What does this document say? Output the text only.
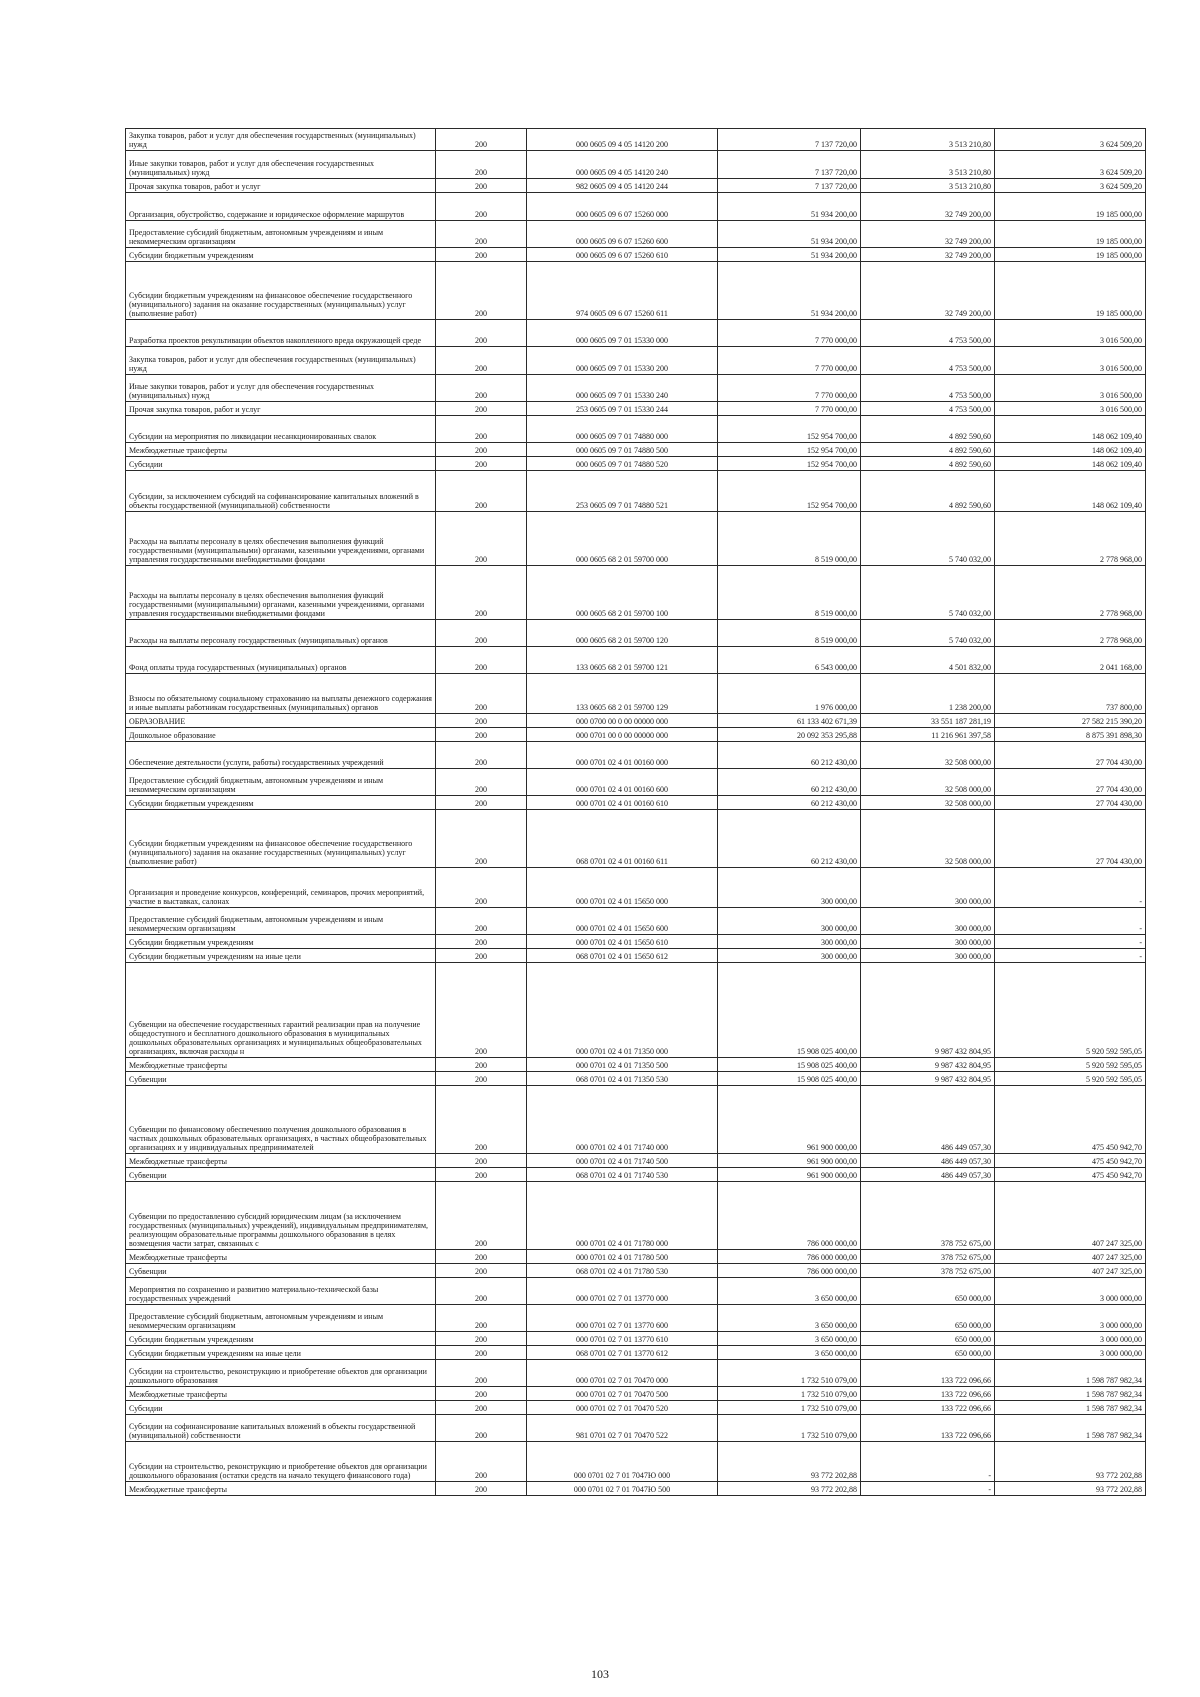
Закупка товаров, работ и услуг для обеспечения государственных (муниципальных) нужд	200	000 0605 09 4 05 14120 200	7 137 720,00	3 513 210,80	3 624 509,20
Иные закупки товаров, работ и услуг для обеспечения государственных (муниципальных) нужд	200	000 0605 09 4 05 14120 240	7 137 720,00	3 513 210,80	3 624 509,20
Прочая закупка товаров, работ и услуг	200	982 0605 09 4 05 14120 244	7 137 720,00	3 513 210,80	3 624 509,20
Организация, обустройство, содержание и юридическое оформление маршрутов	200	000 0605 09 6 07 15260 000	51 934 200,00	32 749 200,00	19 185 000,00
Предоставление субсидий бюджетным, автономным учреждениям и иным некоммерческим организациям	200	000 0605 09 6 07 15260 600	51 934 200,00	32 749 200,00	19 185 000,00
Субсидии бюджетным учреждениям	200	000 0605 09 6 07 15260 610	51 934 200,00	32 749 200,00	19 185 000,00
Субсидии бюджетным учреждениям на финансовое обеспечение государственного (муниципального) задания на оказание государственных (муниципальных) услуг (выполнение работ)	200	974 0605 09 6 07 15260 611	51 934 200,00	32 749 200,00	19 185 000,00
Разработка проектов рекультивации объектов накопленного вреда окружающей среде	200	000 0605 09 7 01 15330 000	7 770 000,00	4 753 500,00	3 016 500,00
Закупка товаров, работ и услуг для обеспечения государственных (муниципальных) нужд	200	000 0605 09 7 01 15330 200	7 770 000,00	4 753 500,00	3 016 500,00
Иные закупки товаров, работ и услуг для обеспечения государственных (муниципальных) нужд	200	000 0605 09 7 01 15330 240	7 770 000,00	4 753 500,00	3 016 500,00
Прочая закупка товаров, работ и услуг	200	253 0605 09 7 01 15330 244	7 770 000,00	4 753 500,00	3 016 500,00
Субсидии на мероприятия по ликвидации несанкционированных свалок	200	000 0605 09 7 01 74880 000	152 954 700,00	4 892 590,60	148 062 109,40
Межбюджетные трансферты	200	000 0605 09 7 01 74880 500	152 954 700,00	4 892 590,60	148 062 109,40
Субсидии	200	000 0605 09 7 01 74880 520	152 954 700,00	4 892 590,60	148 062 109,40
Субсидии, за исключением субсидий на софинансирование капитальных вложений в объекты государственной (муниципальной) собственности	200	253 0605 09 7 01 74880 521	152 954 700,00	4 892 590,60	148 062 109,40
Расходы на выплаты персоналу в целях обеспечения выполнения функций государственными (муниципальными) органами, казенными учреждениями, органами управления государственными внебюджетными фондами	200	000 0605 68 2 01 59700 000	8 519 000,00	5 740 032,00	2 778 968,00
Расходы на выплаты персоналу в целях обеспечения выполнения функций государственными (муниципальными) органами, казенными учреждениями, органами управления государственными внебюджетными фондами	200	000 0605 68 2 01 59700 100	8 519 000,00	5 740 032,00	2 778 968,00
Расходы на выплаты персоналу государственных (муниципальных) органов	200	000 0605 68 2 01 59700 120	8 519 000,00	5 740 032,00	2 778 968,00
Фонд оплаты труда государственных (муниципальных) органов	200	133 0605 68 2 01 59700 121	6 543 000,00	4 501 832,00	2 041 168,00
Взносы по обязательному социальному страхованию на выплаты денежного содержания и иные выплаты работникам государственных (муниципальных) органов	200	133 0605 68 2 01 59700 129	1 976 000,00	1 238 200,00	737 800,00
ОБРАЗОВАНИЕ	200	000 0700 00 0 00 00000 000	61 133 402 671,39	33 551 187 281,19	27 582 215 390,20
Дошкольное образование	200	000 0701 00 0 00 00000 000	20 092 353 295,88	11 216 961 397,58	8 875 391 898,30
Обеспечение деятельности (услуги, работы) государственных учреждений	200	000 0701 02 4 01 00160 000	60 212 430,00	32 508 000,00	27 704 430,00
Предоставление субсидий бюджетным, автономным учреждениям и иным некоммерческим организациям	200	000 0701 02 4 01 00160 600	60 212 430,00	32 508 000,00	27 704 430,00
Субсидии бюджетным учреждениям	200	000 0701 02 4 01 00160 610	60 212 430,00	32 508 000,00	27 704 430,00
Субсидии бюджетным учреждениям на финансовое обеспечение государственного (муниципального) задания на оказание государственных (муниципальных) услуг (выполнение работ)	200	068 0701 02 4 01 00160 611	60 212 430,00	32 508 000,00	27 704 430,00
Организация и проведение конкурсов, конференций, семинаров, прочих мероприятий, участие в выставках, салонах	200	000 0701 02 4 01 15650 000	300 000,00	300 000,00	-
Предоставление субсидий бюджетным, автономным учреждениям и иным некоммерческим организациям	200	000 0701 02 4 01 15650 600	300 000,00	300 000,00	-
Субсидии бюджетным учреждениям	200	000 0701 02 4 01 15650 610	300 000,00	300 000,00	-
Субсидии бюджетным учреждениям на иные цели	200	068 0701 02 4 01 15650 612	300 000,00	300 000,00	-
Субвенции на обеспечение государственных гарантий реализации прав на получение общедоступного и бесплатного дошкольного образования в муниципальных дошкольных образовательных организациях и муниципальных общеобразовательных организациях, включая расходы н	200	000 0701 02 4 01 71350 000	15 908 025 400,00	9 987 432 804,95	5 920 592 595,05
Межбюджетные трансферты	200	000 0701 02 4 01 71350 500	15 908 025 400,00	9 987 432 804,95	5 920 592 595,05
Субвенции	200	068 0701 02 4 01 71350 530	15 908 025 400,00	9 987 432 804,95	5 920 592 595,05
Субвенции по финансовому обеспечению получения дошкольного образования в частных дошкольных образовательных организациях, в частных общеобразовательных организациях и у индивидуальных предпринимателей	200	000 0701 02 4 01 71740 000	961 900 000,00	486 449 057,30	475 450 942,70
Межбюджетные трансферты	200	000 0701 02 4 01 71740 500	961 900 000,00	486 449 057,30	475 450 942,70
Субвенции	200	068 0701 02 4 01 71740 530	961 900 000,00	486 449 057,30	475 450 942,70
Субвенции по предоставлению субсидий юридическим лицам (за исключением государственных (муниципальных) учреждений), индивидуальным предпринимателям, реализующим образовательные программы дошкольного образования в целях возмещения части затрат, связанных с	200	000 0701 02 4 01 71780 000	786 000 000,00	378 752 675,00	407 247 325,00
Межбюджетные трансферты	200	000 0701 02 4 01 71780 500	786 000 000,00	378 752 675,00	407 247 325,00
Субвенции	200	068 0701 02 4 01 71780 530	786 000 000,00	378 752 675,00	407 247 325,00
Мероприятия по сохранению и развитию материально-технической базы государственных учреждений	200	000 0701 02 7 01 13770 000	3 650 000,00	650 000,00	3 000 000,00
Предоставление субсидий бюджетным, автономным учреждениям и иным некоммерческим организациям	200	000 0701 02 7 01 13770 600	3 650 000,00	650 000,00	3 000 000,00
Субсидии бюджетным учреждениям	200	000 0701 02 7 01 13770 610	3 650 000,00	650 000,00	3 000 000,00
Субсидии бюджетным учреждениям на иные цели	200	068 0701 02 7 01 13770 612	3 650 000,00	650 000,00	3 000 000,00
Субсидии на строительство, реконструкцию и приобретение объектов для организации дошкольного образования	200	000 0701 02 7 01 70470 000	1 732 510 079,00	133 722 096,66	1 598 787 982,34
Межбюджетные трансферты	200	000 0701 02 7 01 70470 500	1 732 510 079,00	133 722 096,66	1 598 787 982,34
Субсидии	200	000 0701 02 7 01 70470 520	1 732 510 079,00	133 722 096,66	1 598 787 982,34
Субсидии на софинансирование капитальных вложений в объекты государственной (муниципальной) собственности	200	981 0701 02 7 01 70470 522	1 732 510 079,00	133 722 096,66	1 598 787 982,34
Субсидии на строительство, реконструкцию и приобретение объектов для организации дошкольного образования (остатки средств на начало текущего финансового года)	200	000 0701 02 7 01 7047Ю 000	93 772 202,88	-	93 772 202,88
Межбюджетные трансферты	200	000 0701 02 7 01 7047Ю 500	93 772 202,88	-	93 772 202,88
103
